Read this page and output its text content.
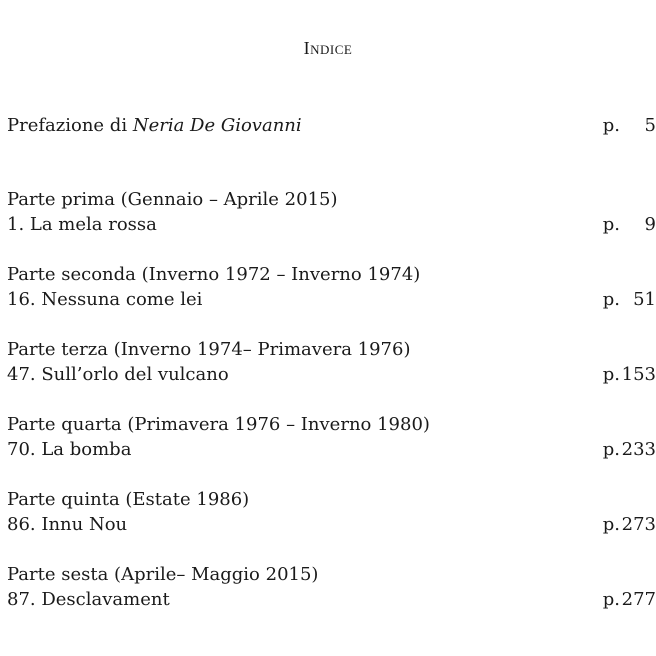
Indice
Prefazione di Neria De Giovanni	p. 5
Parte prima (Gennaio – Aprile 2015)
1. La mela rossa	p. 9
Parte seconda (Inverno 1972 – Inverno 1974)
16. Nessuna come lei	p. 51
Parte terza (Inverno 1974– Primavera 1976)
47. Sull’orlo del vulcano	p.153
Parte quarta (Primavera 1976 – Inverno 1980)
70. La bomba	p.233
Parte quinta (Estate 1986)
86. Innu Nou	p.273
Parte sesta (Aprile– Maggio 2015)
87. Desclavament	p.277
